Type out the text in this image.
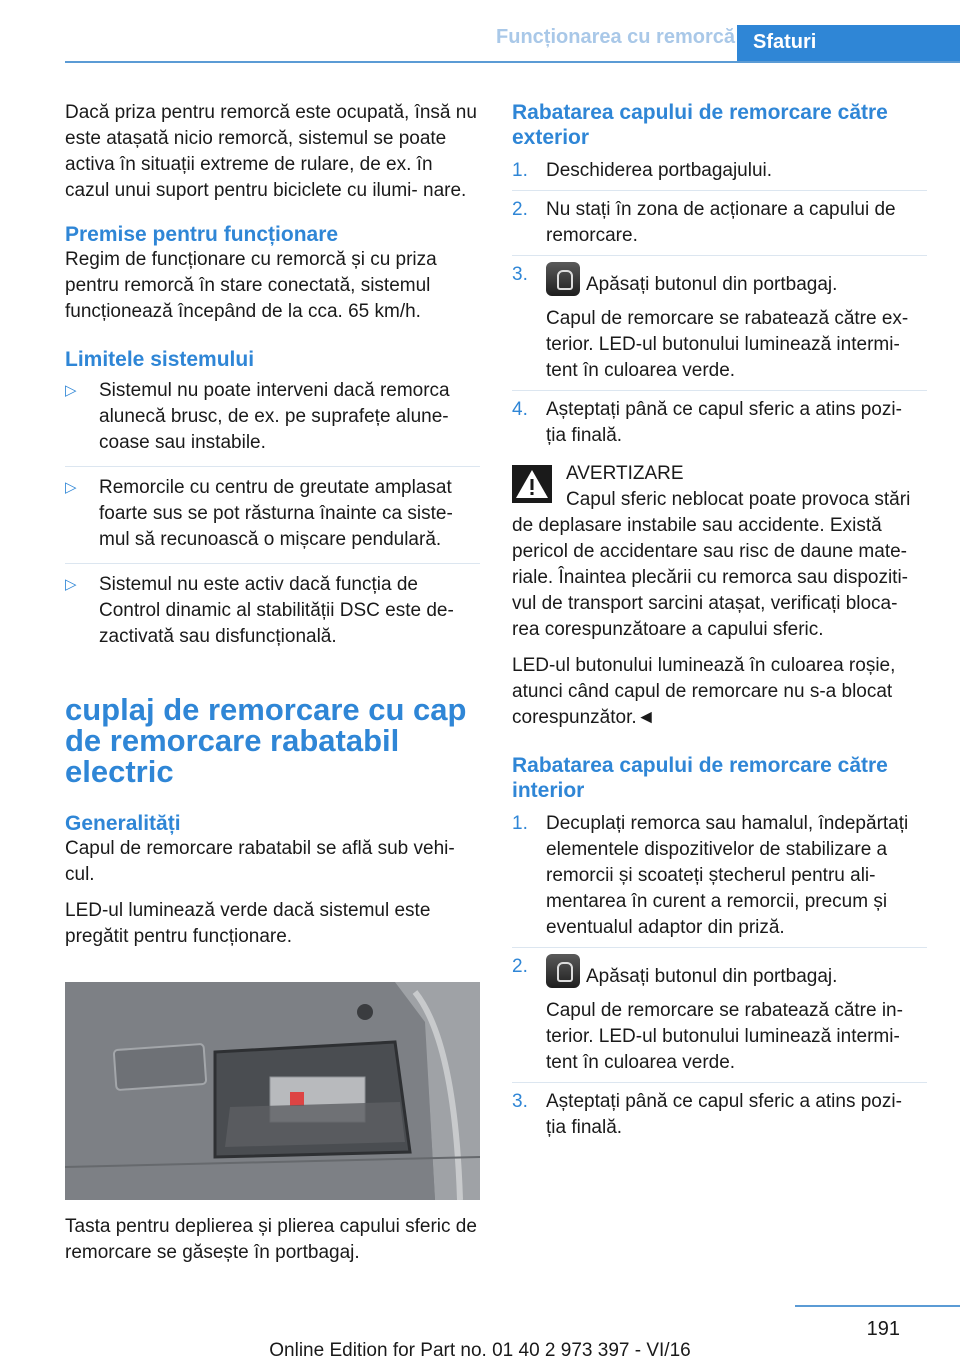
Funcționarea cu remorcă Sfaturi

Dacă priza pentru remorcă este ocupată, însă nu este atașată nicio remorcă, sistemul se poate activa în situații extreme de rulare, de ex. în cazul unui suport pentru biciclete cu ilumi‐ nare.

Premise pentru funcționare

Regim de funcționare cu remorcă și cu priza pentru remorcă în stare conectată, sistemul funcționează începând de la cca. 65 km/h.

Limitele sistemului
▷ Sistemul nu poate interveni dacă remorca alunecă brusc, de ex. pe suprafețe alune‐ coase sau instabile.
▷ Remorcile cu centru de greutate amplasat foarte sus se pot răsturna înainte ca siste‐ mul să recunoască o mișcare pendulară.
▷ Sistemul nu este activ dacă funcția de Control dinamic al stabilității DSC este de‐ zactivată sau disfuncțională.
cuplaj de remorcare cu cap de remorcare rabatabil electric
Generalități

Capul de remorcare rabatabil se află sub vehi‐ cul.

LED-ul luminează verde dacă sistemul este pregătit pentru funcționare.

Tasta pentru deplierea și plierea capului sferic de remorcare se găsește în portbagaj.

Rabatarea capului de remorcare către exterior
1. Deschiderea portbagajului.
2. Nu stați în zona de acționare a capului de remorcare.
3.	Apăsați butonul din portbagaj.
Capul de remorcare se rabatează către ex‐ terior. LED-ul butonului luminează intermi‐ tent în culoarea verde.
4. Așteptați până ce capul sferic a atins pozi‐ ția finală.
AVERTIZARE
Capul sferic neblocat poate provoca stări de deplasare instabile sau accidente. Există pericol de accidentare sau risc de daune mate‐ riale. Înaintea plecării cu remorca sau dispoziti‐ vul de transport sarcini atașat, verificați bloca‐ rea corespunzătoare a capului sferic.

LED-ul butonului luminează în culoarea roșie, atunci când capul de remorcare nu s-a blocat corespunzător.◄

Rabatarea capului de remorcare către interior
1. Decuplați remorca sau hamalul, îndepărtați elementele dispozitivelor de stabilizare a remorcii și scoateți ștecherul pentru ali‐ mentarea în curent a remorcii, precum și eventualul adaptor din priză.
2.	Apăsați butonul din portbagaj.
Capul de remorcare se rabatează către in‐ terior. LED-ul butonului luminează intermi‐ tent în culoarea verde.
3. Așteptați până ce capul sferic a atins pozi‐ ția finală.
191
Online Edition for Part no. 01 40 2 973 397 - VI/16
